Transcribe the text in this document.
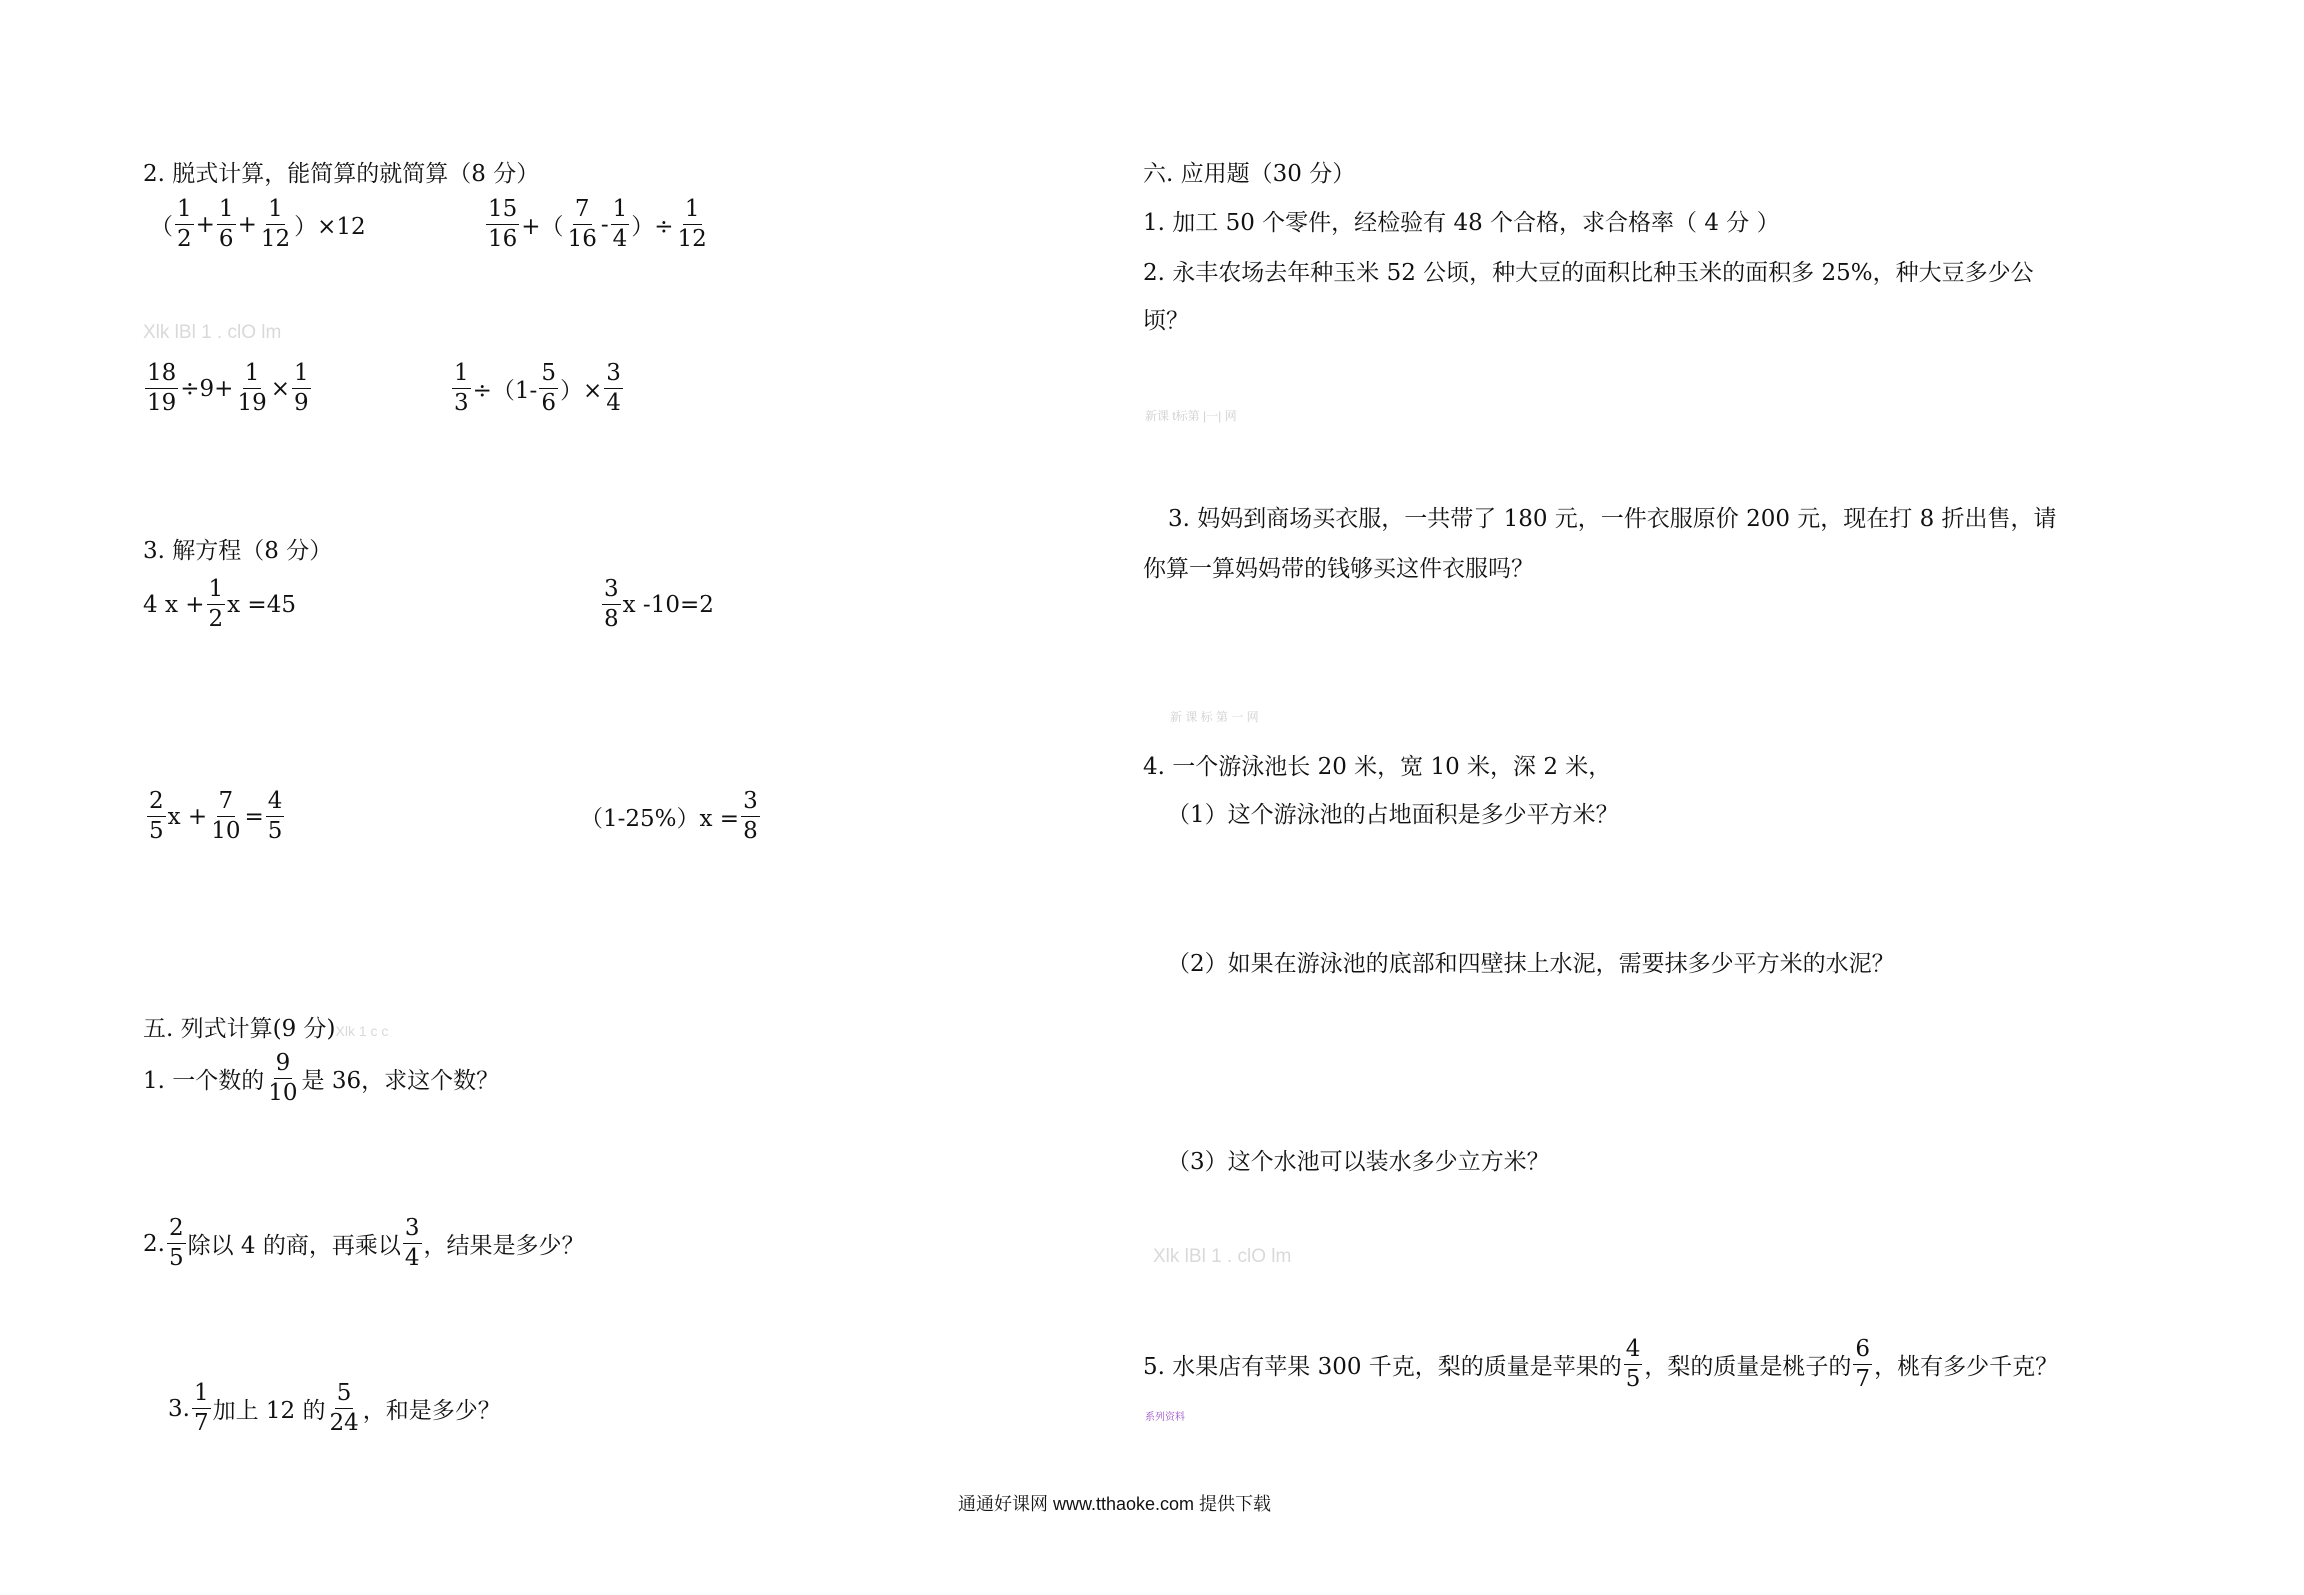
2. 脱式计算，能简算的就简算（8 分）
（ $\frac{1}{2} + \frac{1}{6} + \frac{1}{12} )\times 12$	$\frac{15}{16}$ +（ $\frac{7}{16} - \frac{1}{4}$ ）÷ $\frac{1}{12}$
Xlk lBl 1 . clO lm
$\frac{18}{19} \div 9+ \frac{1}{19} \times \frac{1}{9}$	$\frac{1}{3} \div(1- \frac{5}{6}$ ）× $\frac{3}{4}$
3. 解方程（8 分）
4 $x + \frac{1}{2}$ x =45	$\frac{3}{8}$ x -10=2
$\frac{2}{5}$ $x + \frac{7}{10} = \frac{4}{5}$	$(1-25\%)x = \frac{3}{8}$
五. 列式计算(9 分)Xlk 1 c c
1. 一个数的 $\frac{9}{10}$ 是 36，求这个数？
2. $\frac{2}{5}$ 除以 4 的商，再乘以 $\frac{3}{4}$ ，结果是多少？
3. $\frac{1}{7}$ 加上 12 的 $\frac{5}{24}$ ，和是多少？
六. 应用题（30 分）
1. 加工 50 个零件，经检验有 48 个合格，求合格率（ 4 分 ）
2. 永丰农场去年种玉米 52 公顷，种大豆的面积比种玉米的面积多 25%，种大豆多少公
顷？
新课 t标第 |一| 网
3. 妈妈到商场买衣服，一共带了 180 元，一件衣服原价 200 元，现在打 8 折出售，请
你算一算妈妈带的钱够买这件衣服吗？
新 课 标 第 一 网
4. 一个游泳池长 20 米，宽 10 米，深 2 米，
（1）这个游泳池的占地面积是多少平方米？
（2）如果在游泳池的底部和四壁抹上水泥，需要抹多少平方米的水泥？
（3）这个水池可以装水多少立方米？
Xlk lBl 1 . clO lm
5. 水果店有苹果 300 千克，梨的质量是苹果的 $\frac{4}{5}$ ，梨的质量是桃子的 $\frac{6}{7}$ ，桃有多少千克？
系列资料
通通好课网 www.tthaoke.com 提供下载
